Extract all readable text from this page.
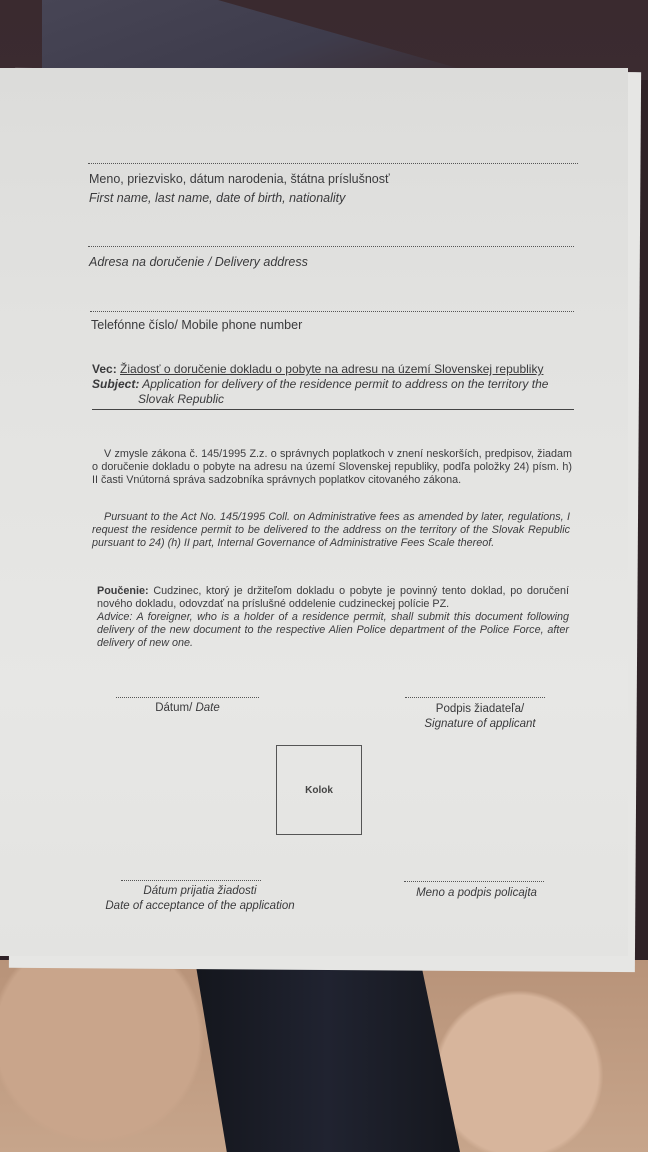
Meno, priezvisko, dátum narodenia, štátna príslušnosť
First name, last name, date of birth, nationality
Adresa na doručenie / Delivery address
Telefónne číslo/ Mobile phone number
Vec: Žiadosť o doručenie dokladu o pobyte na adresu na území Slovenskej republiky
Subject: Application for delivery of the residence permit to address on the territory the
Slovak Republic
V zmysle zákona č. 145/1995 Z.z. o správnych poplatkoch v znení neskorších, predpisov, žiadam o doručenie dokladu o pobyte na adresu na území Slovenskej republiky, podľa položky 24) písm. h) II časti Vnútorná správa sadzobníka správnych poplatkov citovaného zákona.
Pursuant to the Act No. 145/1995 Coll. on Administrative fees as amended by later, regulations, I request the residence permit to be delivered to the address on the territory of the Slovak Republic pursuant to 24) (h) II part, Internal Governance of Administrative Fees Scale thereof.
Poučenie: Cudzinec, ktorý je držiteľom dokladu o pobyte je povinný tento doklad, po doručení nového dokladu, odovzdať na príslušné oddelenie cudzineckej polície PZ.
Advice: A foreigner, who is a holder of a residence permit, shall submit this document following delivery of the new document to the respective Alien Police department of the Police Force, after delivery of new one.
Dátum/ Date	Podpis žiadateľa/
Signature of applicant
Kolok
Dátum prijatia žiadosti
Date of acceptance of the application
Meno a podpis policajta
